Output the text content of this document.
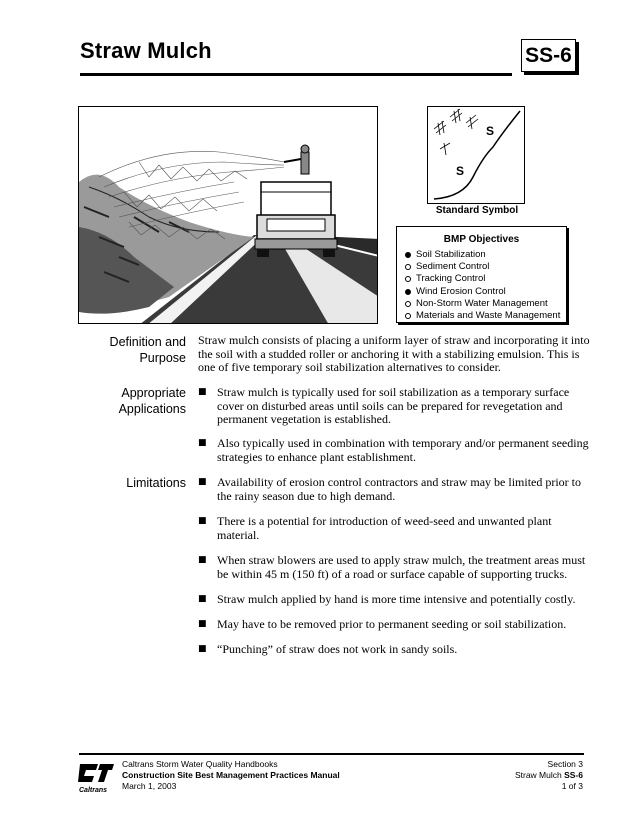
Straw Mulch	SS-6
S
S
Standard Symbol
BMP Objectives
Soil Stabilization
Sediment Control
Tracking Control
Wind Erosion Control
Non-Storm Water Management
Materials and Waste Management
Definition and
Purpose
Straw mulch consists of placing a uniform layer of straw and incorporating it into
the soil with a studded roller or anchoring it with a stabilizing emulsion. This is
one of five temporary soil stabilization alternatives to consider.
Appropriate
Applications
■ Straw mulch is typically used for soil stabilization as a temporary surface
cover on disturbed areas until soils can be prepared for revegetation and
permanent vegetation is established.
■ Also typically used in combination with temporary and/or permanent seeding
strategies to enhance plant establishment.
Limitations ■ Availability of erosion control contractors and straw may be limited prior to
the rainy season due to high demand.
■ There is a potential for introduction of weed-seed and unwanted plant
material.
■ When straw blowers are used to apply straw mulch, the treatment areas must
be within 45 m (150 ft) of a road or surface capable of supporting trucks.
■ Straw mulch applied by hand is more time intensive and potentially costly.
■ May have to be removed prior to permanent seeding or soil stabilization.
■ “Punching” of straw does not work in sandy soils.
Caltrans
Caltrans Storm Water Quality Handbooks
Construction Site Best Management Practices Manual
March 1, 2003
Section 3
Straw Mulch SS-6
1 of 3
